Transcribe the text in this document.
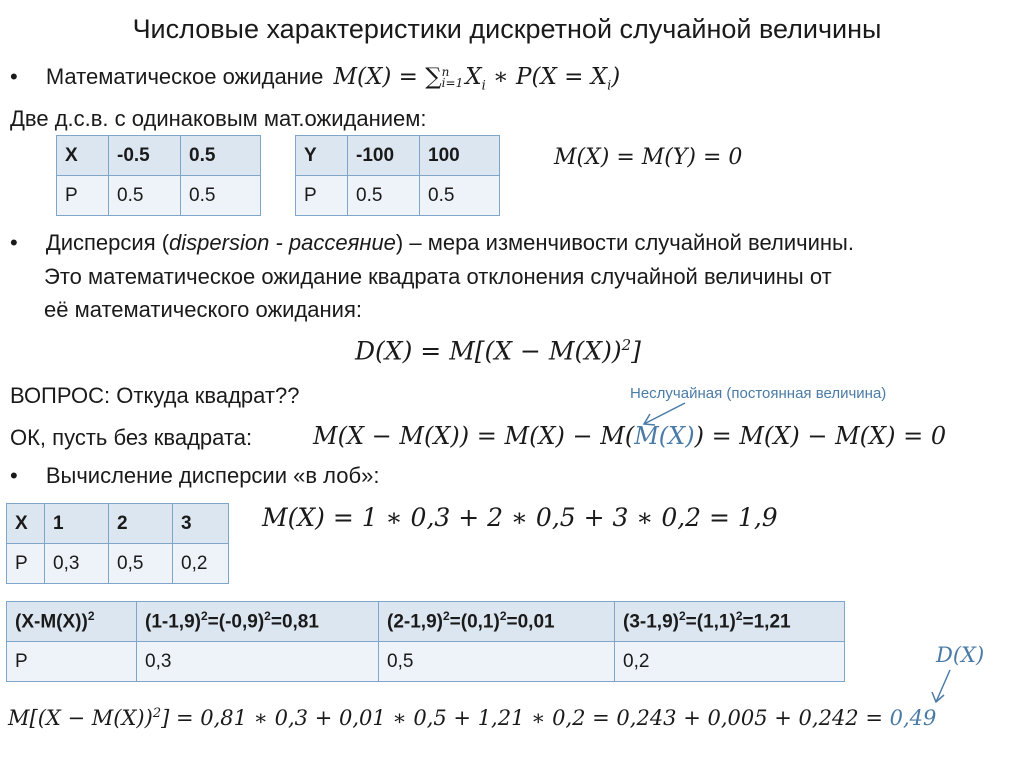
Числовые характеристики дискретной случайной величины
• Математическое ожидание M(X) = ∑ n
i=1 $X_i$ ∗ $P(X = X_i)$
Две д.с.в. с одинаковым мат.ожиданием:
X	-0.5	0.5
P	0.5	0.5
Y	-100	100
P	0.5	0.5
M(X) = M(Y) = 0
• Дисперсия (dispersion - рассеяние) – мера изменчивости случайной величины.
Это математическое ожидание квадрата отклонения случайной величины от
её математического ожидания:
$D(X) = M[(X - M(X))^2]$
ВОПРОС: Откуда квадрат??	Неслучайная (постоянная величина)
ОК, пусть без квадрата:	M(X − M(X)) = M(X) − M(M(X)) = M(X) − M(X) = 0
• Вычисление дисперсии «в лоб»:
X	1	2	3
P	0,3	0,5	0,2
M(X) = 1 ∗ 0,3 + 2 ∗ 0,5 + 3 ∗ 0,2 = 1,9
$(X-M(X))^2$	$(1-1,9)^2=(-0,9)^2=0,81$	$(2-1,9)^2=(0,1)^2=0,01$	$(3-1,9)^2=(1,1)^2=1,21$
P	0,3	0,5	0,2	D(X)
$M[(X - M(X))^2] = 0,81$ ∗ 0,3 + 0,01 ∗ 0,5 + 1,21 ∗ 0,2 = 0,243 + 0,005 + 0,242 = 0,49
